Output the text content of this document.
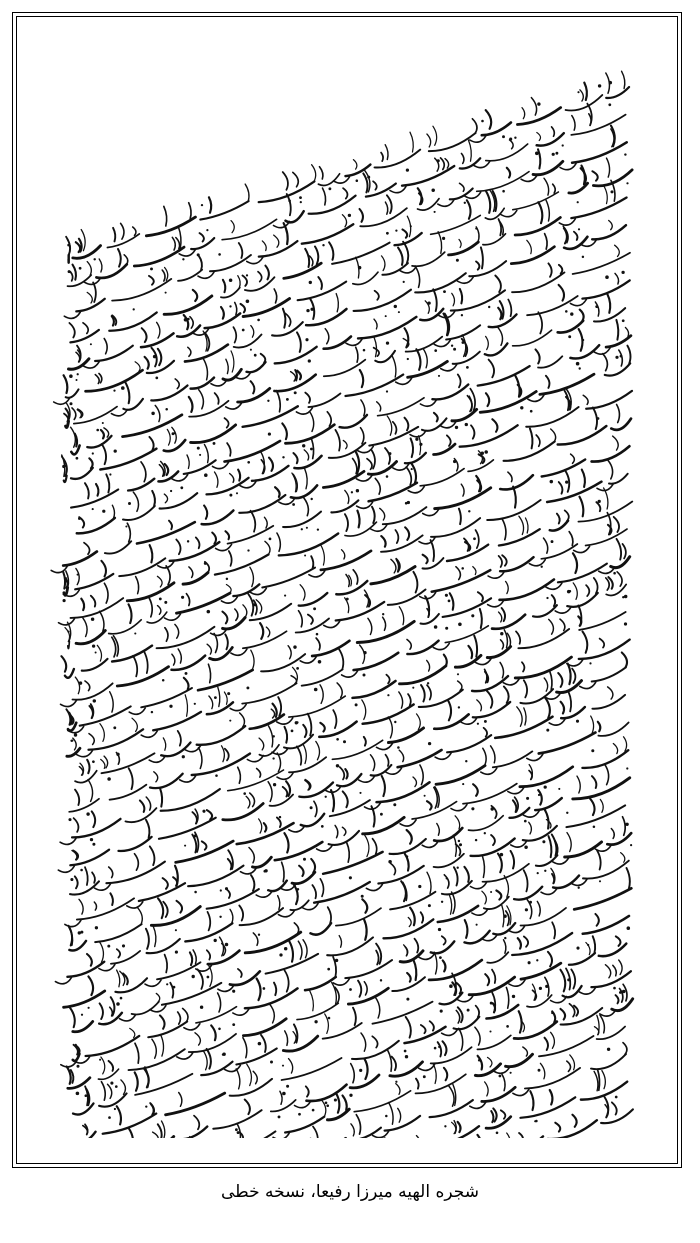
شجره الهیه میرزا رفیعا، نسخه خطی
